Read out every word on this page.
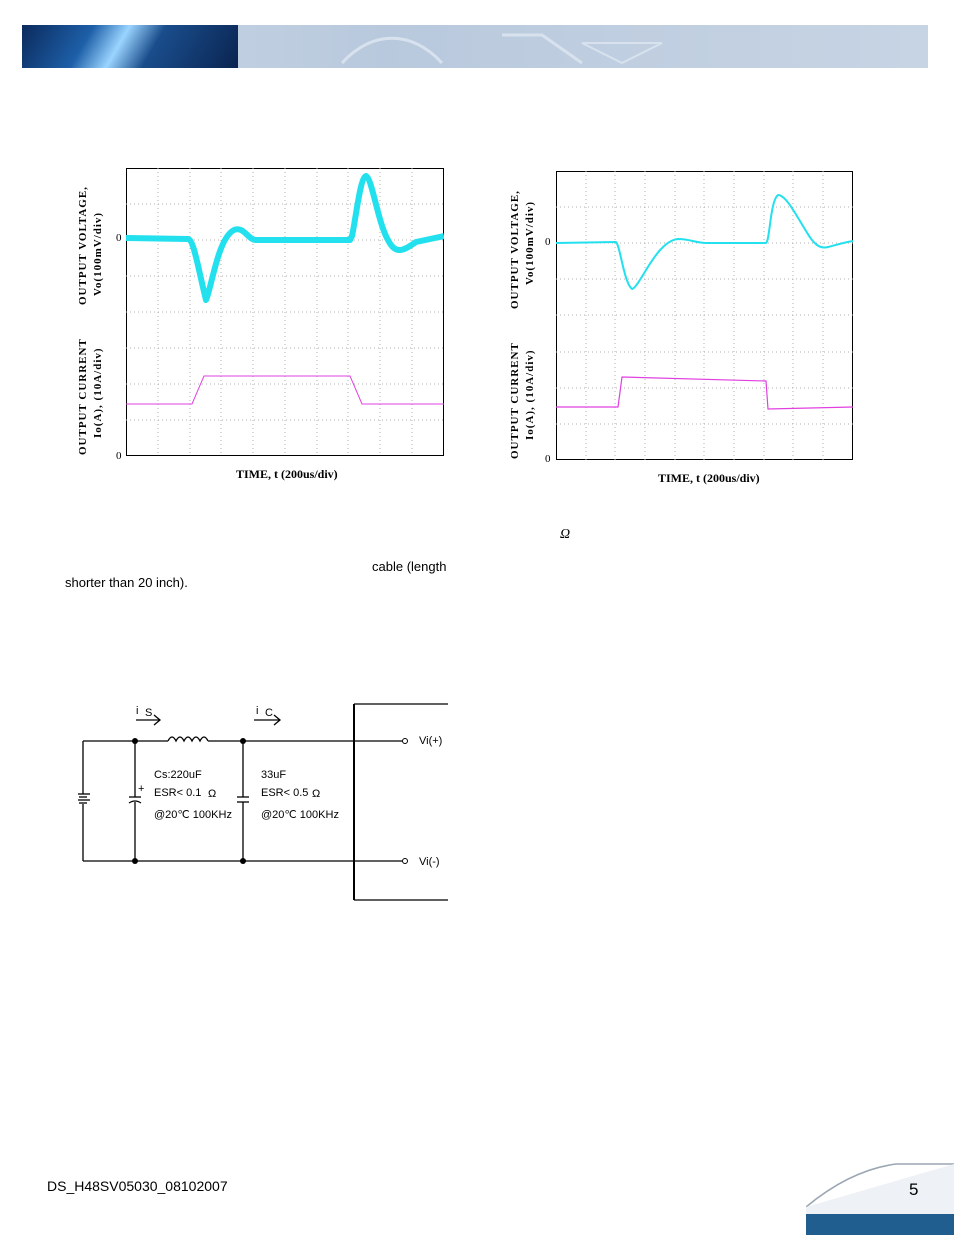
OUTPUT CURRENT Io(A), (10A/div)
OUTPUT VOLTAGE, Vo(100mV/div) 0
0
TIME, t (200us/div)
OUTPUT CURRENT Io(A), (10A/div)
OUTPUT VOLTAGE, Vo(100mV/div) 0
0
TIME, t (200us/div)
Ω
cable (length
shorter than 20 inch).
i S	i C
+
Cs:220uF
ESR< 0.1 Ω
@20℃ 100KHz
33uF
ESR< 0.5 Ω
@20℃ 100KHz
Vi(+)
Vi(-)
DS_H48SV05030_08102007	5
